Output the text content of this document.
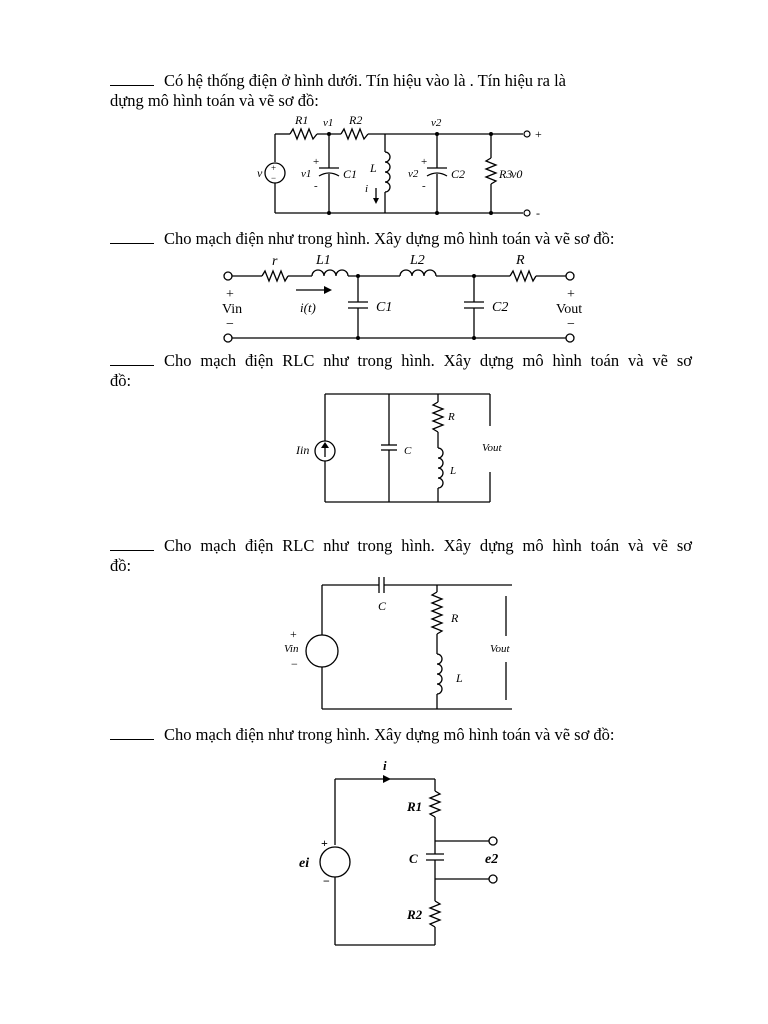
Có hệ thống điện ở hình dưới. Tín hiệu vào là . Tín hiệu ra là
dựng mô hình toán và vẽ sơ đồ:
+
−
R1 v1 R2	v2
v
+
v1
-
C1 L
i
+
v2
-
C2	R3
v0
+
-
Cho mạch điện như trong hình. Xây dựng mô hình toán và vẽ sơ đồ:
r	L1	L2	R
+
Vin
−
i(t)	C1	C2
+
Vout
−
Cho mạch điện RLC như trong hình. Xây dựng mô hình toán và vẽ sơ
đồ:
Iin	C
R
L
Vout
Cho mạch điện RLC như trong hình. Xây dựng mô hình toán và vẽ sơ
đồ:
C
R
L
+
Vin
−
Vout
Cho mạch điện như trong hình. Xây dựng mô hình toán và vẽ sơ đồ:
i
R1
C
R2
+
ei
−
e2
